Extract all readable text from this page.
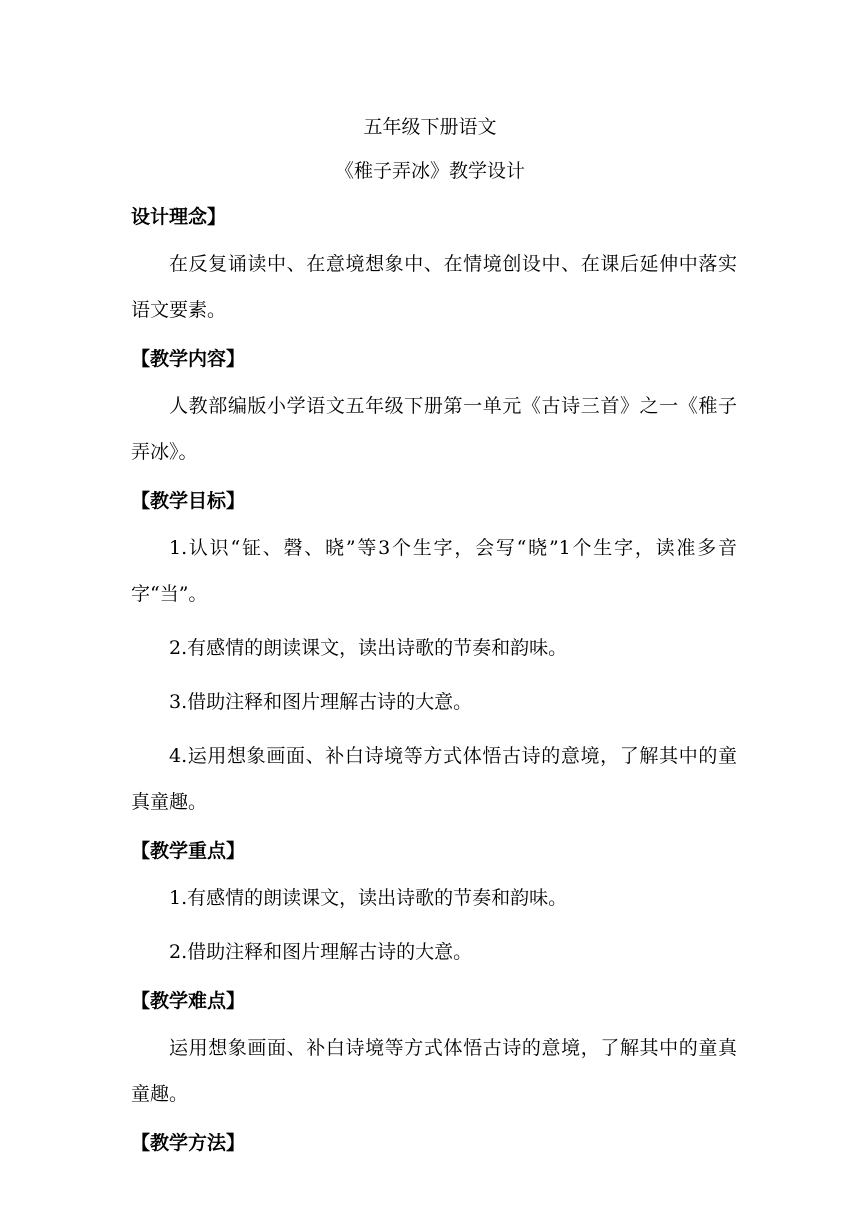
五年级下册语文
《稚子弄冰》教学设计
设计理念】

在反复诵读中、在意境想象中、在情境创设中、在课后延伸中落实语文要素。

【教学内容】

人教部编版小学语文五年级下册第一单元《古诗三首》之一《稚子弄冰》。

【教学目标】

1.认识“钲、磬、晓”等3个生字，会写“晓”1个生字，读准多音字“当”。

2.有感情的朗读课文，读出诗歌的节奏和韵味。

3.借助注释和图片理解古诗的大意。

4.运用想象画面、补白诗境等方式体悟古诗的意境，了解其中的童真童趣。

【教学重点】

1.有感情的朗读课文，读出诗歌的节奏和韵味。

2.借助注释和图片理解古诗的大意。

【教学难点】

运用想象画面、补白诗境等方式体悟古诗的意境，了解其中的童真童趣。

【教学方法】
